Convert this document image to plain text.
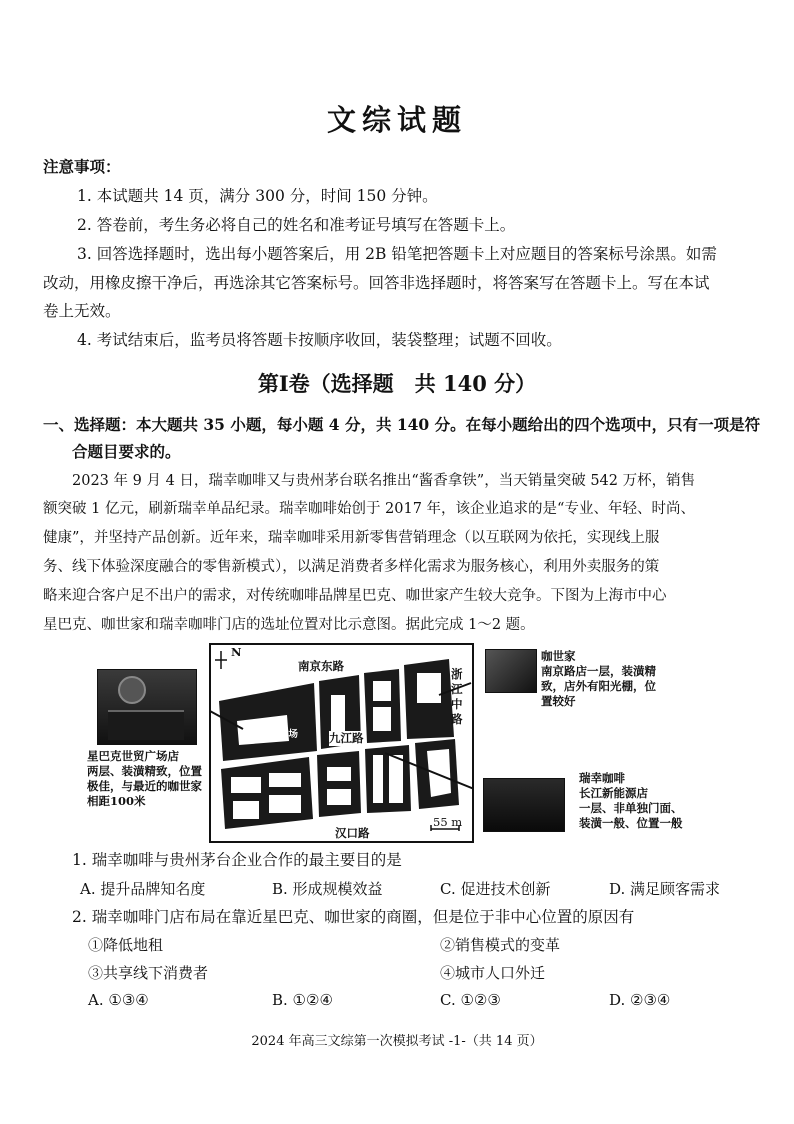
文综试题
注意事项：
1. 本试题共 14 页，满分 300 分，时间 150 分钟。
2. 答卷前，考生务必将自己的姓名和准考证号填写在答题卡上。
3. 回答选择题时，选出每小题答案后，用 2B 铅笔把答题卡上对应题目的答案标号涂黑。如需
改动，用橡皮擦干净后，再选涂其它答案标号。回答非选择题时，将答案写在答题卡上。写在本试
卷上无效。
4. 考试结束后，监考员将答题卡按顺序收回，装袋整理；试题不回收。
第Ⅰ卷（选择题　共 140 分）
一、选择题：本大题共 35 小题，每小题 4 分，共 140 分。在每小题给出的四个选项中，只有一项是符
合题目要求的。
2023 年 9 月 4 日，瑞幸咖啡又与贵州茅台联名推出“酱香拿铁”，当天销量突破 542 万杯，销售
额突破 1 亿元，刷新瑞幸单品纪录。瑞幸咖啡始创于 2017 年，该企业追求的是“专业、年轻、时尚、
健康”，并坚持产品创新。近年来，瑞幸咖啡采用新零售营销理念（以互联网为依托，实现线上服
务、线下体验深度融合的零售新模式），以满足消费者多样化需求为服务核心，利用外卖服务的策
略来迎合客户足不出户的需求，对传统咖啡品牌星巴克、咖世家产生较大竞争。下图为上海市中心
星巴克、咖世家和瑞幸咖啡门店的选址位置对比示意图。据此完成 1～2 题。
星巴克世贸广场店
两层、装潢精致，位置
极佳，与最近的咖世家
相距100米
N
南京东路
浙江中路
上海世贸广场	九江路
汉口路
55 m
咖世家
南京路店一层，装潢精
致，店外有阳光棚，位
置较好
瑞幸咖啡
长江新能源店
一层、非单独门面、
装潢一般、位置一般
1. 瑞幸咖啡与贵州茅台企业合作的最主要目的是
A. 提升品牌知名度	B. 形成规模效益	C. 促进技术创新	D. 满足顾客需求
2. 瑞幸咖啡门店布局在靠近星巴克、咖世家的商圈，但是位于非中心位置的原因有
①降低地租	②销售模式的变革
③共享线下消费者	④城市人口外迁
A. ①③④	B. ①②④	C. ①②③	D. ②③④
2024 年高三文综第一次模拟考试 -1-（共 14 页）
